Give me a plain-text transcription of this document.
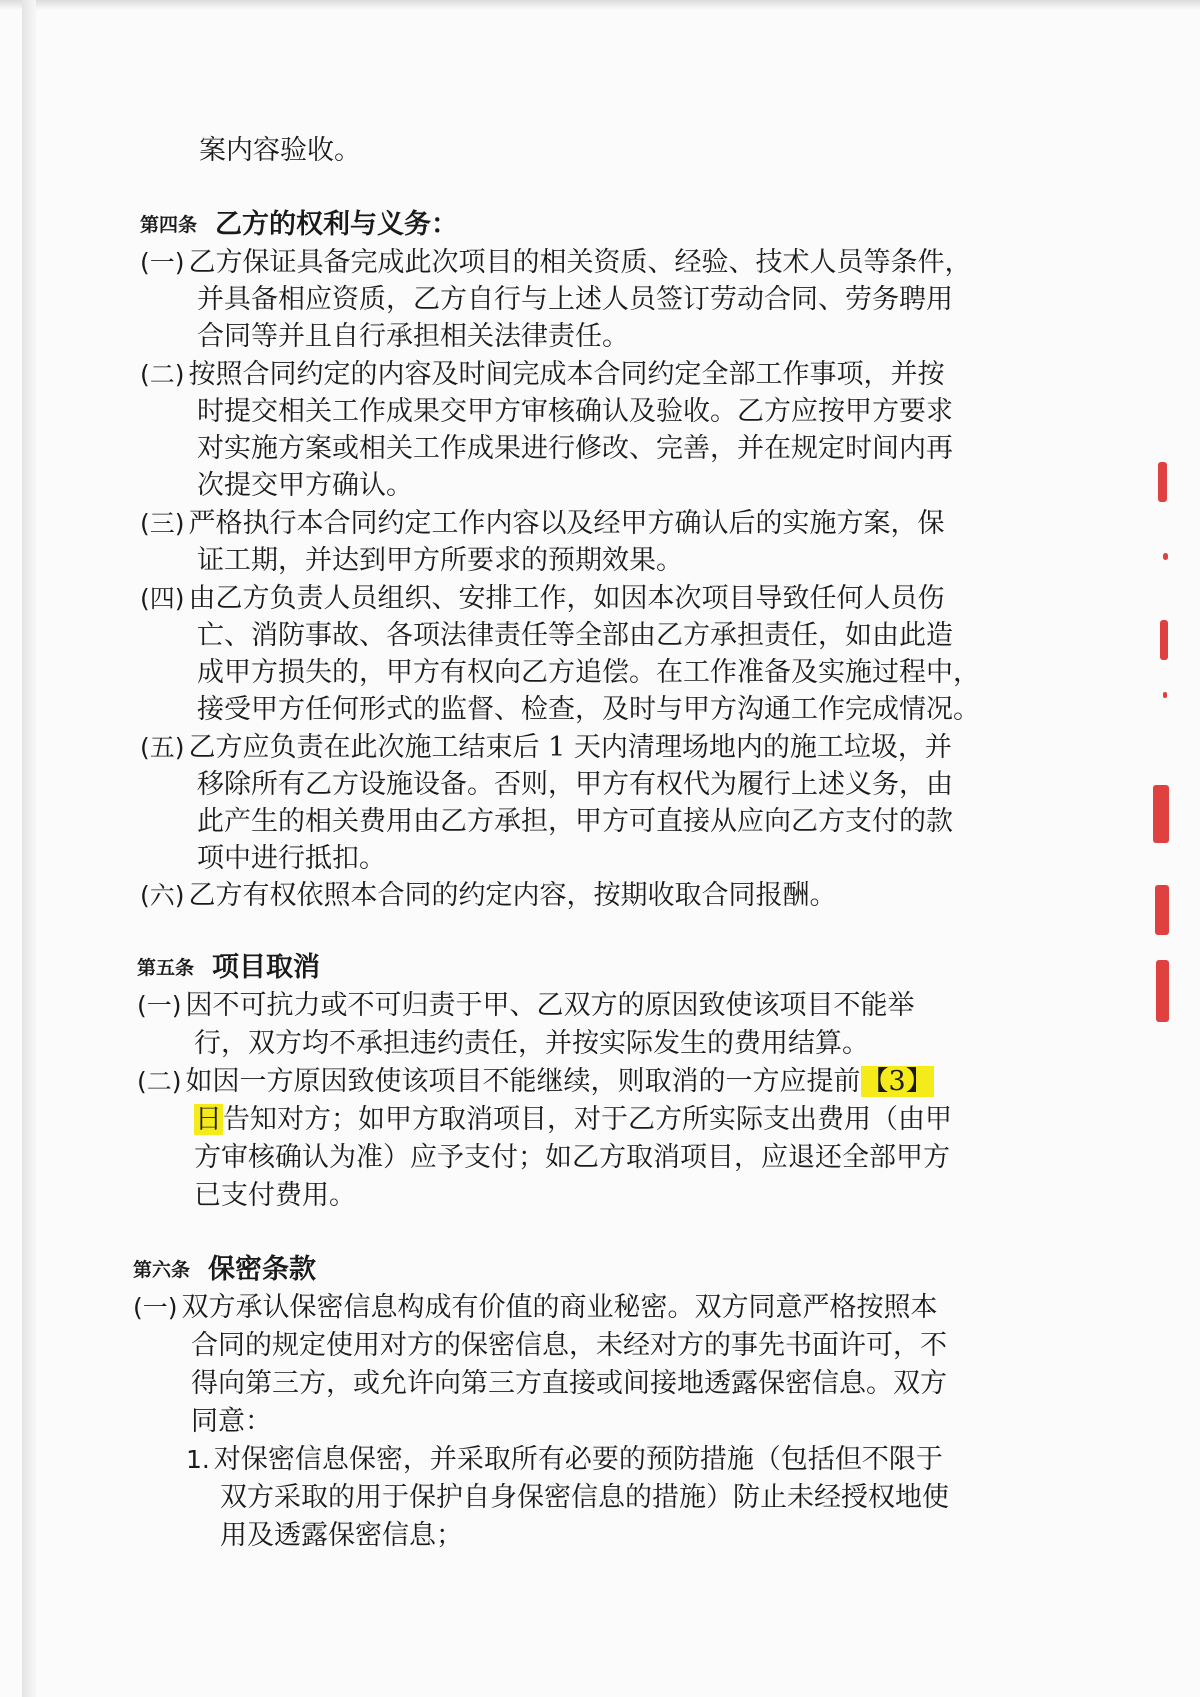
案内容验收。
第四条 乙方的权利与义务：
(一) 乙方保证具备完成此次项目的相关资质、经验、技术人员等条件，
并具备相应资质，乙方自行与上述人员签订劳动合同、劳务聘用
合同等并且自行承担相关法律责任。
(二) 按照合同约定的内容及时间完成本合同约定全部工作事项，并按
时提交相关工作成果交甲方审核确认及验收。乙方应按甲方要求
对实施方案或相关工作成果进行修改、完善，并在规定时间内再
次提交甲方确认。
(三) 严格执行本合同约定工作内容以及经甲方确认后的实施方案，保
证工期，并达到甲方所要求的预期效果。
(四) 由乙方负责人员组织、安排工作，如因本次项目导致任何人员伤
亡、消防事故、各项法律责任等全部由乙方承担责任，如由此造
成甲方损失的，甲方有权向乙方追偿。在工作准备及实施过程中，
接受甲方任何形式的监督、检查，及时与甲方沟通工作完成情况。
(五) 乙方应负责在此次施工结束后 1 天内清理场地内的施工垃圾，并
移除所有乙方设施设备。否则，甲方有权代为履行上述义务，由
此产生的相关费用由乙方承担，甲方可直接从应向乙方支付的款
项中进行抵扣。
(六) 乙方有权依照本合同的约定内容，按期收取合同报酬。
第五条 项目取消
(一) 因不可抗力或不可归责于甲、乙双方的原因致使该项目不能举
行，双方均不承担违约责任，并按实际发生的费用结算。
(二) 如因一方原因致使该项目不能继续，则取消的一方应提前【3】
日告知对方；如甲方取消项目，对于乙方所实际支出费用（由甲
方审核确认为准）应予支付；如乙方取消项目，应退还全部甲方
已支付费用。
第六条 保密条款
(一) 双方承认保密信息构成有价值的商业秘密。双方同意严格按照本
合同的规定使用对方的保密信息，未经对方的事先书面许可，不
得向第三方，或允许向第三方直接或间接地透露保密信息。双方
同意：
1. 对保密信息保密，并采取所有必要的预防措施（包括但不限于
双方采取的用于保护自身保密信息的措施）防止未经授权地使
用及透露保密信息；
